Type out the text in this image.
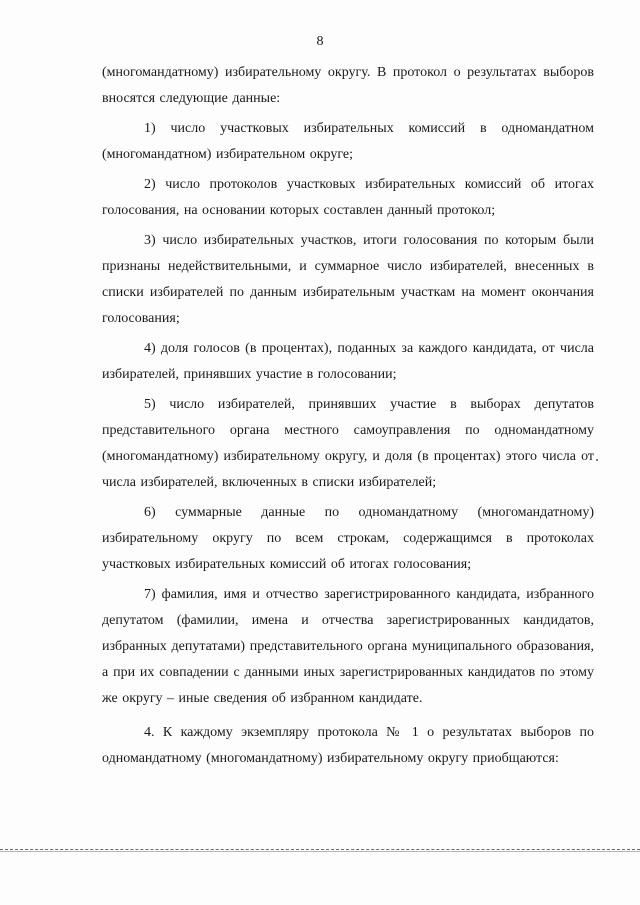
8

(многомандатному) избирательному округу. В протокол о результатах выборов вносятся следующие данные:

1) число участковых избирательных комиссий в одномандатном (многомандатном) избирательном округе;

2) число протоколов участковых избирательных комиссий об итогах голосования, на основании которых составлен данный протокол;

3) число избирательных участков, итоги голосования по которым были признаны недействительными, и суммарное число избирателей, внесенных в списки избирателей по данным избирательным участкам на момент окончания голосования;

4) доля голосов (в процентах), поданных за каждого кандидата, от числа избирателей, принявших участие в голосовании;

5) число избирателей, принявших участие в выборах депутатов представительного органа местного самоуправления по одномандатному (многомандатному) избирательному округу, и доля (в процентах) этого числа от числа избирателей, включенных в списки избирателей;

6) суммарные данные по одномандатному (многомандатному) избирательному округу по всем строкам, содержащимся в протоколах участковых избирательных комиссий об итогах голосования;

7) фамилия, имя и отчество зарегистрированного кандидата, избранного депутатом (фамилии, имена и отчества зарегистрированных кандидатов, избранных депутатами) представительного органа муниципального образования, а при их совпадении с данными иных зарегистрированных кандидатов по этому же округу – иные сведения об избранном кандидате.

4. К каждому экземпляру протокола № 1 о результатах выборов по одномандатному (многомандатному) избирательному округу приобщаются:
